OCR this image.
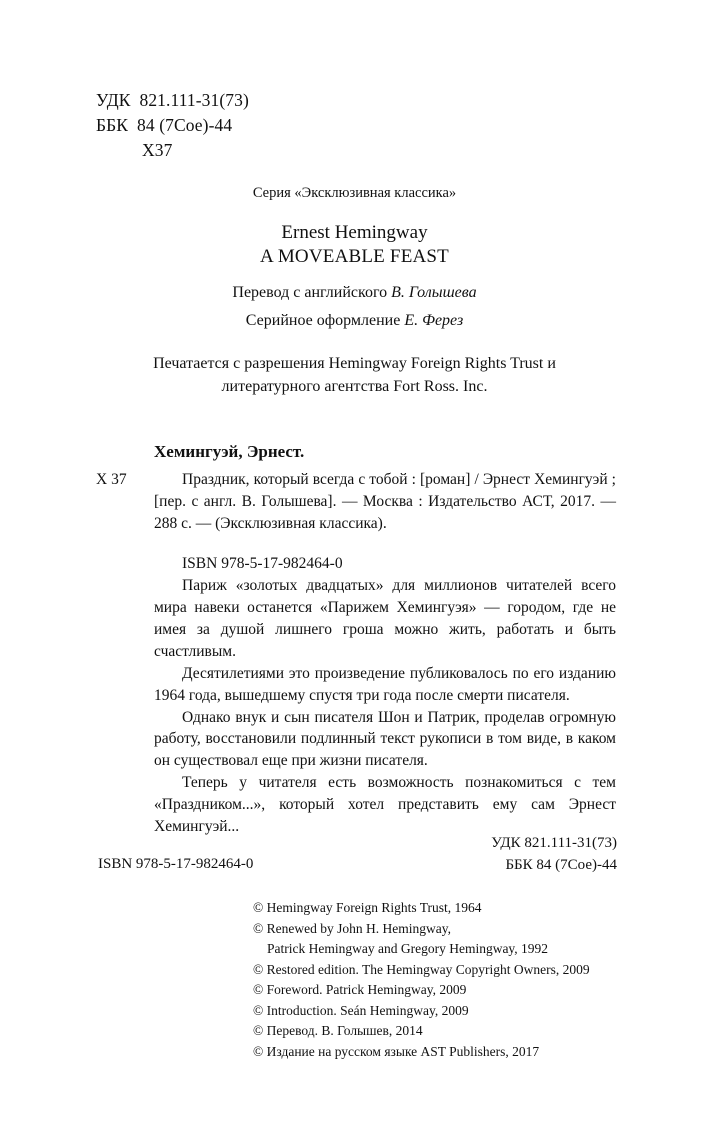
УДК  821.111-31(73)
ББК  84 (7Сое)-44
Х37
Серия «Эксклюзивная классика»
Ernest Hemingway
A MOVEABLE FEAST
Перевод с английского В. Голышева
Серийное оформление Е. Ферез
Печатается с разрешения Hemingway Foreign Rights Trust и
литературного агентства Fort Ross. Inc.
Хемингуэй, Эрнест.
Х 37	Праздник, который всегда с тобой : [роман] / Эрнест Хемингуэй ; [пер. с англ. В. Голышева]. — Москва : Издательство АСТ, 2017. — 288 с. — (Эксклюзивная классика).
ISBN 978-5-17-982464-0

Париж «золотых двадцатых» для миллионов читателей всего мира навеки останется «Парижем Хемингуэя» — городом, где не имея за душой лишнего гроша можно жить, работать и быть счастливым.

Десятилетиями это произведение публиковалось по его изданию 1964 года, вышедшему спустя три года после смерти писателя.

Однако внук и сын писателя Шон и Патрик, проделав огромную работу, восстановили подлинный текст рукописи в том виде, в каком он существовал еще при жизни писателя.

Теперь у читателя есть возможность познакомиться с тем «Праздником...», который хотел представить ему сам Эрнест Хемингуэй...

УДК 821.111-31(73)
ББК 84 (7Сое)-44
ISBN 978-5-17-982464-0
© Hemingway Foreign Rights Trust, 1964
© Renewed by John H. Hemingway,
Patrick Hemingway and Gregory Hemingway, 1992
© Restored edition. The Hemingway Copyright Owners, 2009
© Foreword. Patrick Hemingway, 2009
© Introduction. Seán Hemingway, 2009
© Перевод. В. Голышев, 2014
© Издание на русском языке AST Publishers, 2017
